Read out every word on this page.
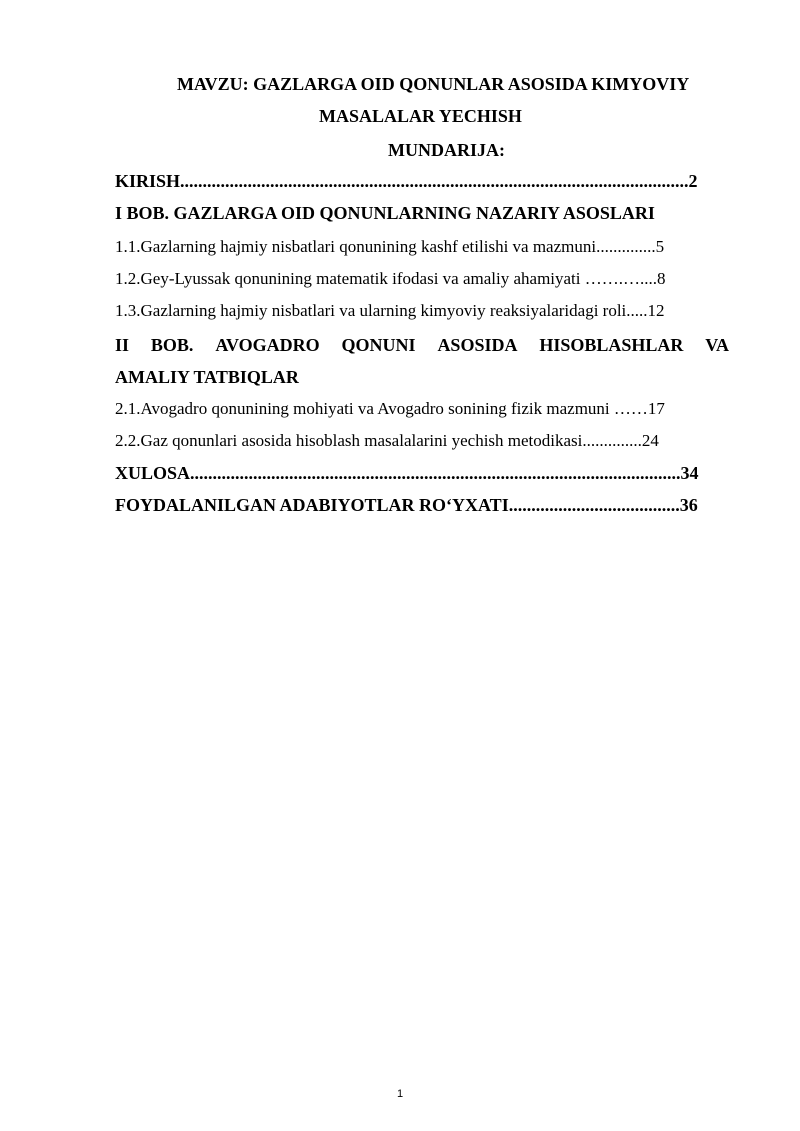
MAVZU: GAZLARGA OID QONUNLAR ASOSIDA KIMYOVIY
MASALALAR YECHISH
MUNDARIJA:
KIRISH.................................................................................................................2
I BOB. GAZLARGA OID QONUNLARNING NAZARIY ASOSLARI
1.1.Gazlarning hajmiy nisbatlari qonunining kashf etilishi va mazmuni..............5
1.2.Gey-Lyussak qonunining matematik ifodasi va amaliy ahamiyati …….…....8
1.3.Gazlarning hajmiy nisbatlari va ularning kimyoviy reaksiyalaridagi roli.....12
II BOB. AVOGADRO QONUNI ASOSIDA HISOBLASHLAR VA
AMALIY TATBIQLAR
2.1.Avogadro qonunining mohiyati va Avogadro sonining fizik mazmuni ……17
2.2.Gaz qonunlari asosida hisoblash masalalarini yechish metodikasi..............24
XULOSA.............................................................................................................34
FOYDALANILGAN ADABIYOTLAR RO‘YXATI......................................36
1
